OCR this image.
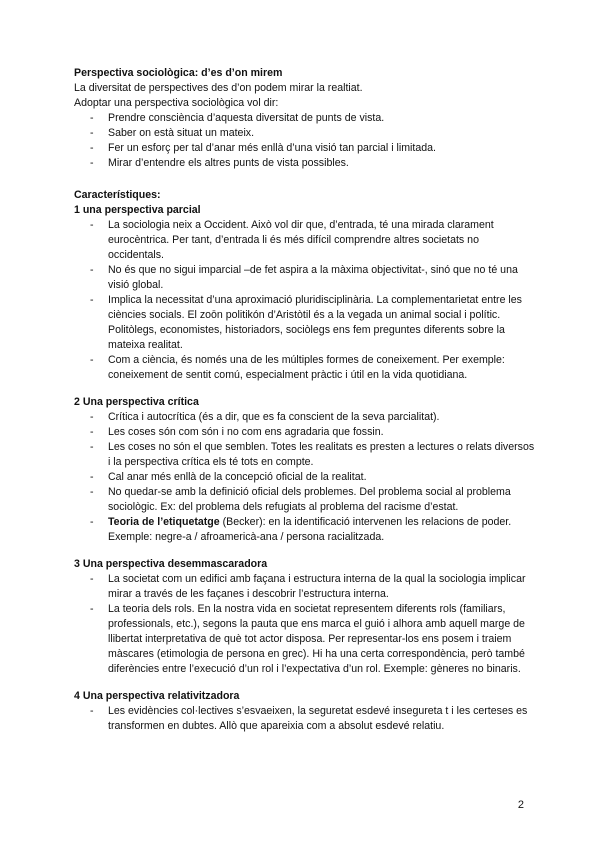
Perspectiva sociològica: d’es d’on mirem

La diversitat de perspectives des d’on podem mirar la realtiat.

Adoptar una perspectiva sociològica vol dir:

- Prendre consciència d’aquesta diversitat de punts de vista.
- Saber on està situat un mateix.
- Fer un esforç per tal d’anar més enllà d’una visió tan parcial i limitada.
- Mirar d’entendre els altres punts de vista possibles.

Característiques:

1 una perspectiva parcial

- La sociologia neix a Occident. Això vol dir que, d’entrada, té una mirada clarament eurocèntrica. Per tant, d’entrada li és més difícil comprendre altres societats no occidentals.
- No és que no sigui imparcial –de fet aspira a la màxima objectivitat-, sinó que no té una visió global.
- Implica la necessitat d’una aproximació pluridisciplinària. La complementarietat entre les ciències socials. El zoōn politikón d’Aristòtil és a la vegada un animal social i polític. Politòlegs, economistes, historiadors, sociòlegs ens fem preguntes diferents sobre la mateixa realitat.
- Com a ciència, és només una de les múltiples formes de coneixement. Per exemple: coneixement de sentit comú, especialment pràctic i útil en la vida quotidiana.

2 Una perspectiva crítica

- Crítica i autocrítica (és a dir, que es fa conscient de la seva parcialitat).
- Les coses són com són i no com ens agradaria que fossin.
- Les coses no són el que semblen. Totes les realitats es presten a lectures o relats diversos i la perspectiva crítica els té tots en compte.
- Cal anar més enllà de la concepció oficial de la realitat.
- No quedar-se amb la definició oficial dels problemes. Del problema social al problema sociològic. Ex: del problema dels refugiats al problema del racisme d’estat.
- Teoria de l’etiquetatge (Becker): en la identificació intervenen les relacions de poder. Exemple: negre-a / afroamericà-ana / persona racialitzada.

3 Una perspectiva desemmascaradora

- La societat com un edifici amb façana i estructura interna de la qual la sociologia implicar mirar a través de les façanes i descobrir l’estructura interna.
- La teoria dels rols. En la nostra vida en societat representem diferents rols (familiars, professionals, etc.), segons la pauta que ens marca el guió i alhora amb aquell marge de llibertat interpretativa de què tot actor disposa. Per representar-los ens posem i traiem màscares (etimologia de persona en grec). Hi ha una certa correspondència, però també diferències entre l’execució d’un rol i l’expectativa d’un rol. Exemple: gèneres no binaris.

4 Una perspectiva relativitzadora

- Les evidències col·lectives s’esvaeixen, la seguretat esdevé insegureta t i les certeses es transformen en dubtes. Allò que apareixia com a absolut esdevé relatiu.
2
